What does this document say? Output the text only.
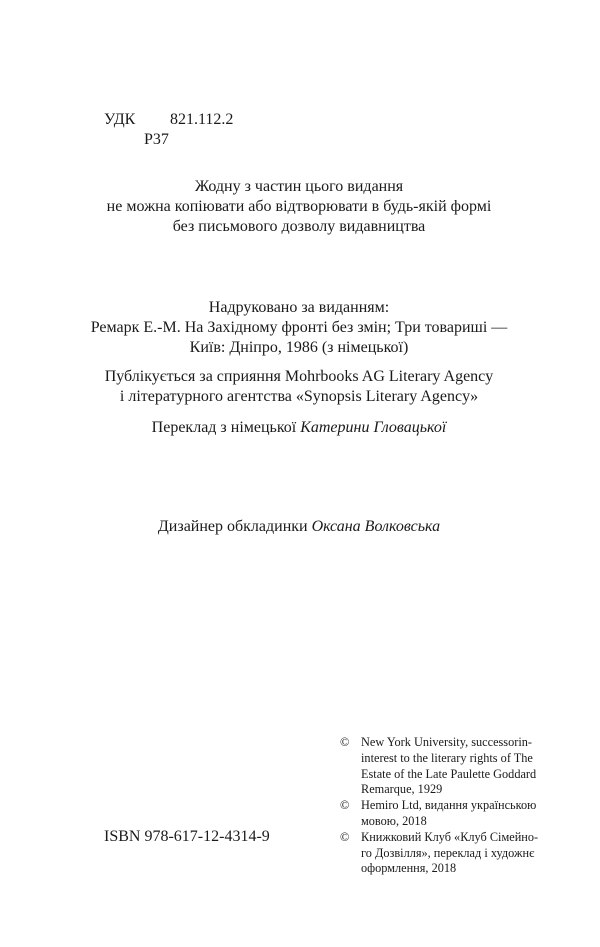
УДК 821.112.2
Р37
Жодну з частин цього видання
не можна копіювати або відтворювати в будь-якій формі
без письмового дозволу видавництва
Надруковано за виданням:
Ремарк Е.-М. На Західному фронті без змін; Три товариші —
Київ: Дніпро, 1986 (з німецької)
Публікується за сприяння Mohrbooks AG Literary Agency
і літературного агентства «Synopsis Literary Agency»
Переклад з німецької Катерини Гловацької
Дизайнер обкладинки Оксана Волковська
© New York University, successorin-
interest to the literary rights of The
Estate of the Late Paulette Goddard
Remarque, 1929
© Hemiro Ltd, видання українською
мовою, 2018
© Книжковий Клуб «Клуб Сімейно-
го Дозвілля», переклад і художнє
оформлення, 2018
ISBN 978-617-12-4314-9
